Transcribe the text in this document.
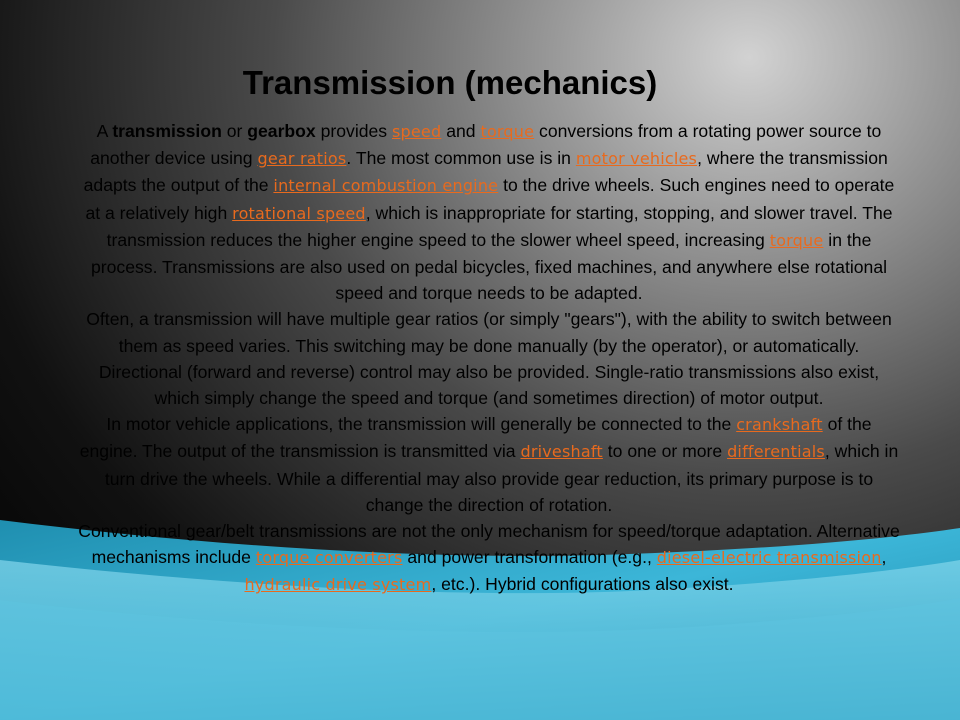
Transmission (mechanics)

A transmission or gearbox provides speed and torque conversions from a rotating power source to another device using gear ratios. The most common use is in motor vehicles, where the transmission adapts the output of the internal combustion engine to the drive wheels. Such engines need to operate at a relatively high rotational speed, which is inappropriate for starting, stopping, and slower travel. The transmission reduces the higher engine speed to the slower wheel speed, increasing torque in the process. Transmissions are also used on pedal bicycles, fixed machines, and anywhere else rotational speed and torque needs to be adapted.

Often, a transmission will have multiple gear ratios (or simply "gears"), with the ability to switch between them as speed varies. This switching may be done manually (by the operator), or automatically. Directional (forward and reverse) control may also be provided. Single-ratio transmissions also exist, which simply change the speed and torque (and sometimes direction) of motor output.

In motor vehicle applications, the transmission will generally be connected to the crankshaft of the engine. The output of the transmission is transmitted via driveshaft to one or more differentials, which in turn drive the wheels. While a differential may also provide gear reduction, its primary purpose is to change the direction of rotation.

Conventional gear/belt transmissions are not the only mechanism for speed/torque adaptation. Alternative mechanisms include torque converters and power transformation (e.g., diesel-electric transmission, hydraulic drive system, etc.). Hybrid configurations also exist.
